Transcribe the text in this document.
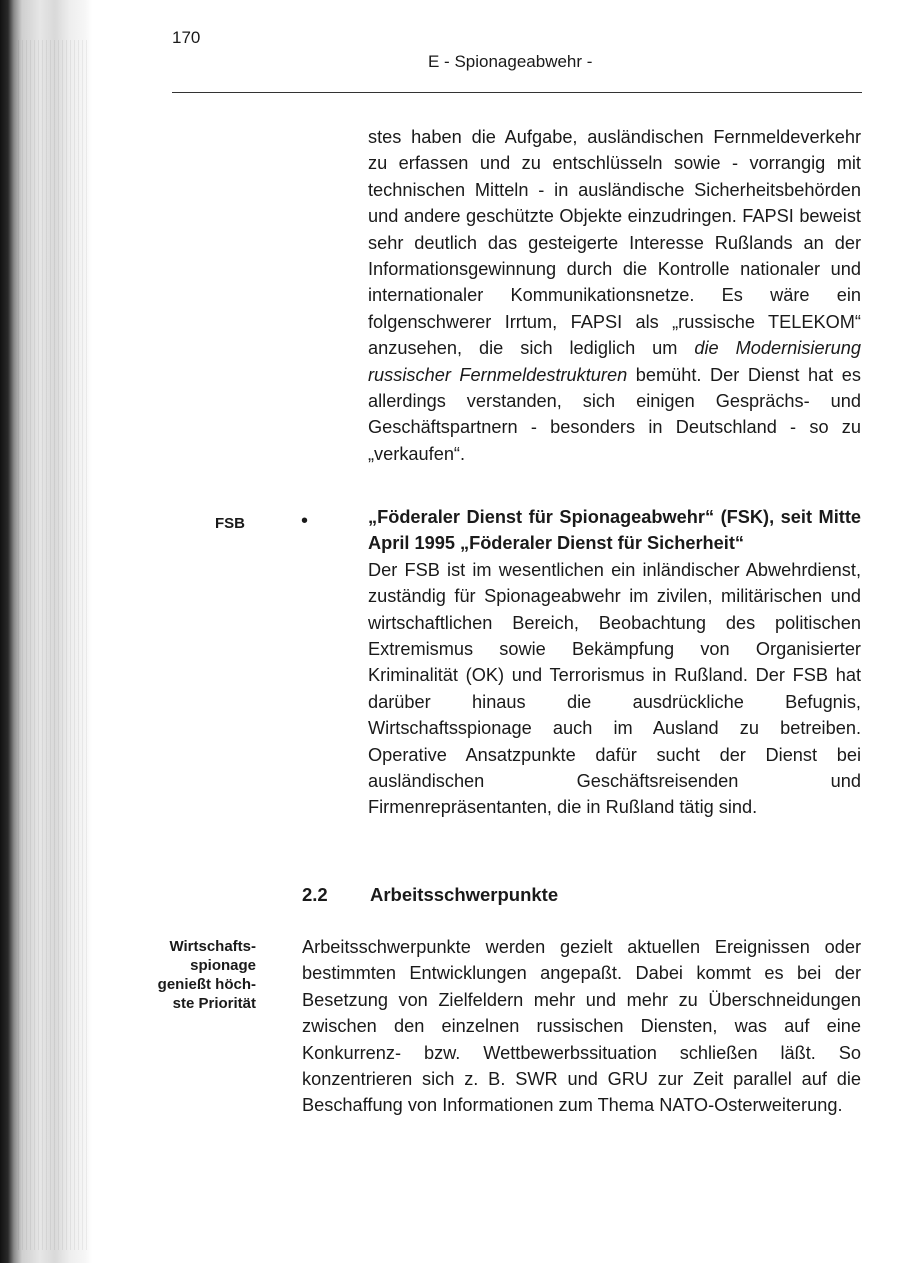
170
E - Spionageabwehr -

stes haben die Aufgabe, ausländischen Fernmeldeverkehr zu erfassen und zu entschlüsseln sowie - vorrangig mit technischen Mitteln - in ausländische Sicherheitsbehörden und andere geschützte Objekte einzudringen. FAPSI beweist sehr deutlich das gesteigerte Interesse Rußlands an der Informationsgewinnung durch die Kontrolle nationaler und internationaler Kommunikationsnetze. Es wäre ein folgenschwerer Irrtum, FAPSI als „russische TELEKOM“ anzusehen, die sich lediglich um die Modernisierung russischer Fernmeldestrukturen bemüht. Der Dienst hat es allerdings verstanden, sich einigen Gesprächs- und Geschäftspartnern - besonders in Deutschland - so zu „verkaufen“.

FSB	•	„Föderaler Dienst für Spionageabwehr“ (FSK), seit Mitte April 1995 „Föderaler Dienst für Sicherheit“
Der FSB ist im wesentlichen ein inländischer Abwehrdienst, zuständig für Spionageabwehr im zivilen, militärischen und wirtschaftlichen Bereich, Beobachtung des politischen Extremismus sowie Bekämpfung von Organisierter Kriminalität (OK) und Terrorismus in Rußland. Der FSB hat darüber hinaus die ausdrückliche Befugnis, Wirtschaftsspionage auch im Ausland zu betreiben. Operative Ansatzpunkte dafür sucht der Dienst bei ausländischen Geschäftsreisenden und Firmenrepräsentanten, die in Rußland tätig sind.
2.2 Arbeitsschwerpunkte
Wirtschafts-
spionage
genießt höch-
ste Priorität

Arbeitsschwerpunkte werden gezielt aktuellen Ereignissen oder bestimmten Entwicklungen angepaßt. Dabei kommt es bei der Besetzung von Zielfeldern mehr und mehr zu Überschneidungen zwischen den einzelnen russischen Diensten, was auf eine Konkurrenz- bzw. Wettbewerbssituation schließen läßt. So konzentrieren sich z. B. SWR und GRU zur Zeit parallel auf die Beschaffung von Informationen zum Thema NATO-Osterweiterung.
